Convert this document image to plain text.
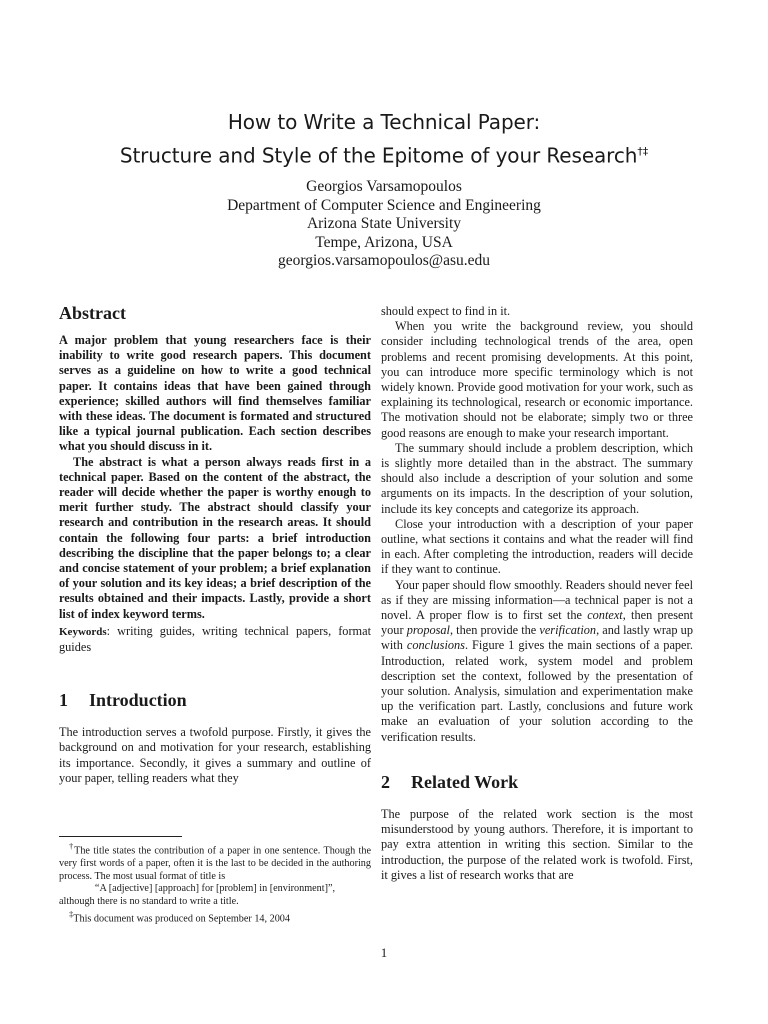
How to Write a Technical Paper:
Structure and Style of the Epitome of your Research†‡
Georgios Varsamopoulos
Department of Computer Science and Engineering
Arizona State University
Tempe, Arizona, USA
georgios.varsamopoulos@asu.edu
Abstract

A major problem that young researchers face is their inability to write good research papers. This document serves as a guideline on how to write a good technical paper. It contains ideas that have been gained through experience; skilled authors will find themselves familiar with these ideas. The document is formated and structured like a typical journal publication. Each section describes what you should discuss in it.

The abstract is what a person always reads first in a technical paper. Based on the content of the abstract, the reader will decide whether the paper is worthy enough to merit further study. The abstract should classify your research and contribution in the research areas. It should contain the following four parts: a brief introduction describing the discipline that the paper belongs to; a clear and concise statement of your problem; a brief explanation of your solution and its key ideas; a brief description of the results obtained and their impacts. Lastly, provide a short list of index keyword terms.

Keywords: writing guides, writing technical papers, format guides
1 Introduction

The introduction serves a twofold purpose. Firstly, it gives the background on and motivation for your research, establishing its importance. Secondly, it gives a summary and outline of your paper, telling readers what they

should expect to find in it.

When you write the background review, you should consider including technological trends of the area, open problems and recent promising developments. At this point, you can introduce more specific terminology which is not widely known. Provide good motivation for your work, such as explaining its technological, research or economic importance. The motivation should not be elaborate; simply two or three good reasons are enough to make your research important.

The summary should include a problem description, which is slightly more detailed than in the abstract. The summary should also include a description of your solution and some arguments on its impacts. In the description of your solution, include its key concepts and categorize its approach.

Close your introduction with a description of your paper outline, what sections it contains and what the reader will find in each. After completing the introduction, readers will decide if they want to continue.

Your paper should flow smoothly. Readers should never feel as if they are missing information—a technical paper is not a novel. A proper flow is to first set the context, then present your proposal, then provide the verification, and lastly wrap up with conclusions. Figure 1 gives the main sections of a paper. Introduction, related work, system model and problem description set the context, followed by the presentation of your solution. Analysis, simulation and experimentation make up the verification part. Lastly, conclusions and future work make an evaluation of your solution according to the verification results.

2 Related Work

The purpose of the related work section is the most misunderstood by young authors. Therefore, it is important to pay extra attention in writing this section. Similar to the introduction, the purpose of the related work is twofold. First, it gives a list of research works that are

†The title states the contribution of a paper in one sentence. Though the very first words of a paper, often it is the last to be decided in the authoring process. The most usual format of title is

“A [adjective] [approach] for [problem] in [environment]”,

although there is no standard to write a title.

‡This document was produced on September 14, 2004

1
